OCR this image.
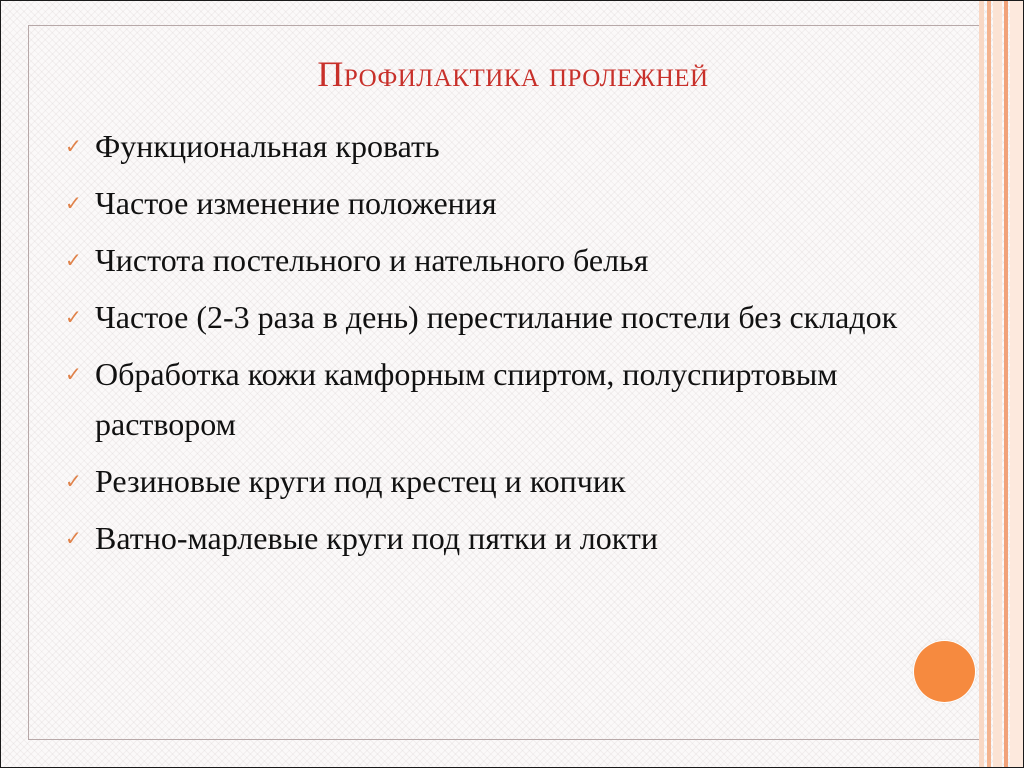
Профилактика пролежней
✓ Функциональная кровать
✓ Частое изменение положения
✓ Чистота постельного и нательного белья
✓ Частое (2-3 раза в день) перестилание постели без складок
✓ Обработка кожи камфорным спиртом, полуспиртовым раствором
✓ Резиновые круги под крестец и копчик
✓ Ватно-марлевые круги под пятки и локти
